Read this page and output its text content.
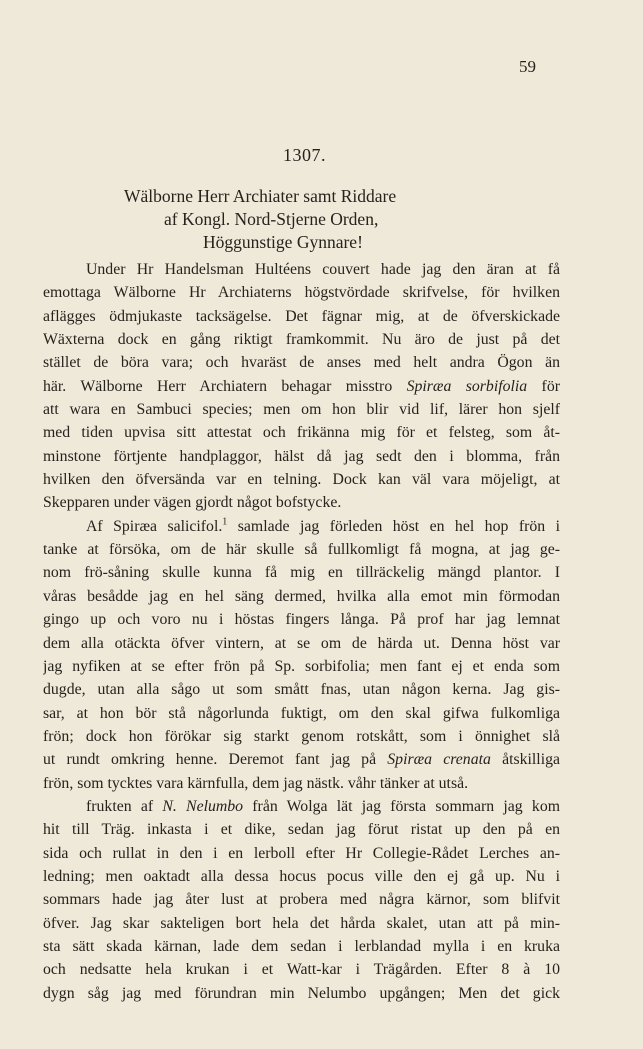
59
1307.
Wälborne Herr Archiater samt Riddare
af Kongl. Nord-Stjerne Orden,
Höggunstige Gynnare!
Under Hr Handelsman Hultéens couvert hade jag den äran at få
emottaga Wälborne Hr Archiaterns högstvördade skrifvelse, för hvilken
aflägges ödmjukaste tacksägelse. Det fägnar mig, at de öfverskickade
Wäxterna dock en gång riktigt framkommit. Nu äro de just på det
stället de böra vara; och hvaräst de anses med helt andra Ögon än
här. Wälborne Herr Archiatern behagar misstro Spiræa sorbifolia för
att wara en Sambuci species; men om hon blir vid lif, lärer hon sjelf
med tiden upvisa sitt attestat och frikänna mig för et felsteg, som åt-
minstone förtjente handplaggor, hälst då jag sedt den i blomma, från
hvilken den öfversända var en telning. Dock kan väl vara möjeligt, at
Skepparen under vägen gjordt något bofstycke.
Af Spiræa salicifol.$^1$ samlade jag förleden höst en hel hop frön i
tanke at försöka, om de här skulle så fullkomligt få mogna, at jag ge-
nom frö-såning skulle kunna få mig en tillräckelig mängd plantor. I
våras besådde jag en hel säng dermed, hvilka alla emot min förmodan
gingo up och voro nu i höstas fingers långa. På prof har jag lemnat
dem alla otäckta öfver vintern, at se om de härda ut. Denna höst var
jag nyfiken at se efter frön på Sp. sorbifolia; men fant ej et enda som
dugde, utan alla sågo ut som smått fnas, utan någon kerna. Jag gis-
sar, at hon bör stå någorlunda fuktigt, om den skal gifwa fulkomliga
frön; dock hon förökar sig starkt genom rotskått, som i önnighet slå
ut rundt omkring henne. Deremot fant jag på Spiræa crenata åtskilliga
frön, som tycktes vara kärnfulla, dem jag nästk. våhr tänker at utså.
frukten af N. Nelumbo från Wolga lät jag första sommarn jag kom
hit till Träg. inkasta i et dike, sedan jag förut ristat up den på en
sida och rullat in den i en lerboll efter Hr Collegie-Rådet Lerches an-
ledning; men oaktadt alla dessa hocus pocus ville den ej gå up. Nu i
sommars hade jag åter lust at probera med några kärnor, som blifvit
öfver. Jag skar sakteligen bort hela det hårda skalet, utan att på min-
sta sätt skada kärnan, lade dem sedan i lerblandad mylla i en kruka
och nedsatte hela krukan i et Watt-kar i Trägården. Efter 8 à 10
dygn såg jag med förundran min Nelumbo upgången; Men det gick
